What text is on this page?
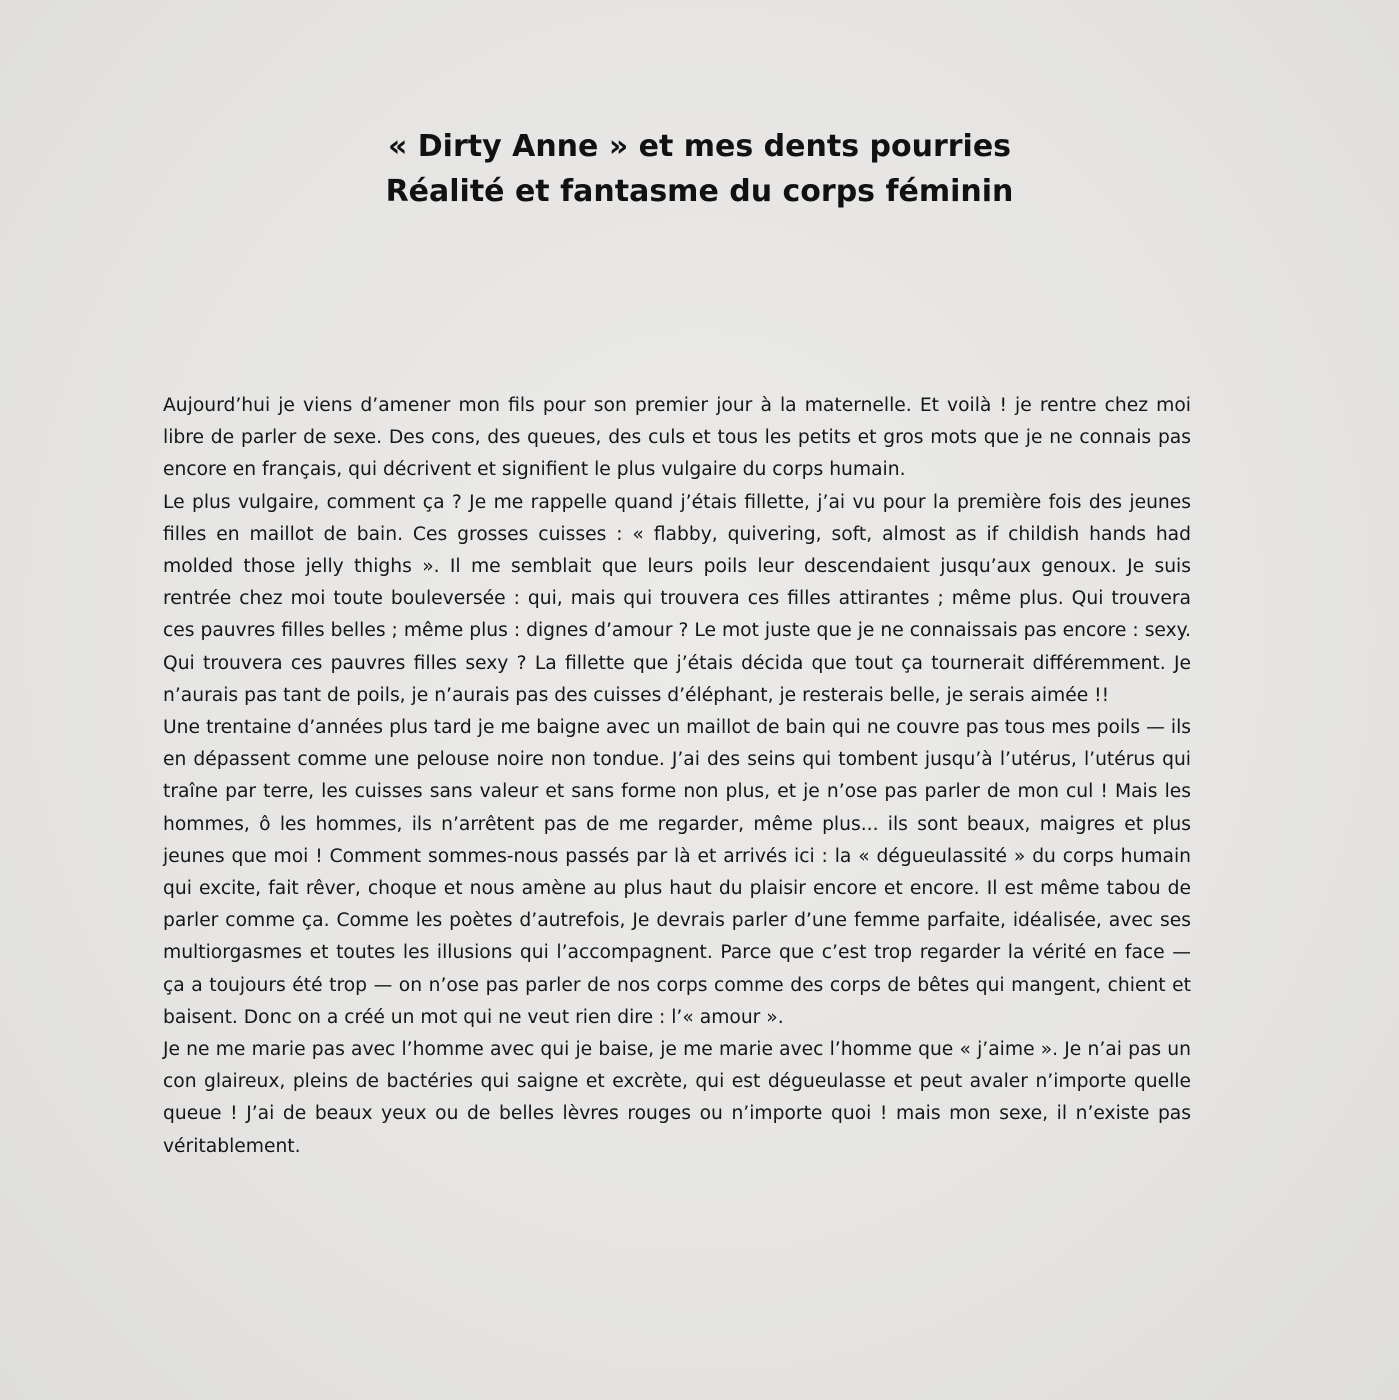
« Dirty Anne » et mes dents pourries
Réalité et fantasme du corps féminin

Aujourd’hui je viens d’amener mon fils pour son premier jour à la maternelle. Et voilà ! je rentre chez moi libre de parler de sexe. Des cons, des queues, des culs et tous les petits et gros mots que je ne connais pas encore en français, qui décrivent et signifient le plus vulgaire du corps humain.

Le plus vulgaire, comment ça ? Je me rappelle quand j’étais fillette, j’ai vu pour la première fois des jeunes filles en maillot de bain. Ces grosses cuisses : « flabby, quivering, soft, almost as if childish hands had molded those jelly thighs ». Il me semblait que leurs poils leur descendaient jusqu’aux genoux. Je suis rentrée chez moi toute bouleversée : qui, mais qui trouvera ces filles attirantes ; même plus. Qui trouvera ces pauvres filles belles ; même plus : dignes d’amour ? Le mot juste que je ne connaissais pas encore : sexy. Qui trouvera ces pauvres filles sexy ? La fillette que j’étais décida que tout ça tournerait différemment. Je n’aurais pas tant de poils, je n’aurais pas des cuisses d’éléphant, je resterais belle, je serais aimée !!

Une trentaine d’années plus tard je me baigne avec un maillot de bain qui ne couvre pas tous mes poils — ils en dépassent comme une pelouse noire non tondue. J’ai des seins qui tombent jusqu’à l’utérus, l’utérus qui traîne par terre, les cuisses sans valeur et sans forme non plus, et je n’ose pas parler de mon cul ! Mais les hommes, ô les hommes, ils n’arrêtent pas de me regarder, même plus... ils sont beaux, maigres et plus jeunes que moi ! Comment sommes-nous passés par là et arrivés ici : la « dégueulassité » du corps humain qui excite, fait rêver, choque et nous amène au plus haut du plaisir encore et encore. Il est même tabou de parler comme ça. Comme les poètes d’autrefois, Je devrais parler d’une femme parfaite, idéalisée, avec ses multiorgasmes et toutes les illusions qui l’accompagnent. Parce que c’est trop regarder la vérité en face — ça a toujours été trop — on n’ose pas parler de nos corps comme des corps de bêtes qui mangent, chient et baisent. Donc on a créé un mot qui ne veut rien dire : l’« amour ».

Je ne me marie pas avec l’homme avec qui je baise, je me marie avec l’homme que « j’aime ». Je n’ai pas un con glaireux, pleins de bactéries qui saigne et excrète, qui est dégueulasse et peut avaler n’importe quelle queue ! J’ai de beaux yeux ou de belles lèvres rouges ou n’importe quoi ! mais mon sexe, il n’existe pas véritablement.
